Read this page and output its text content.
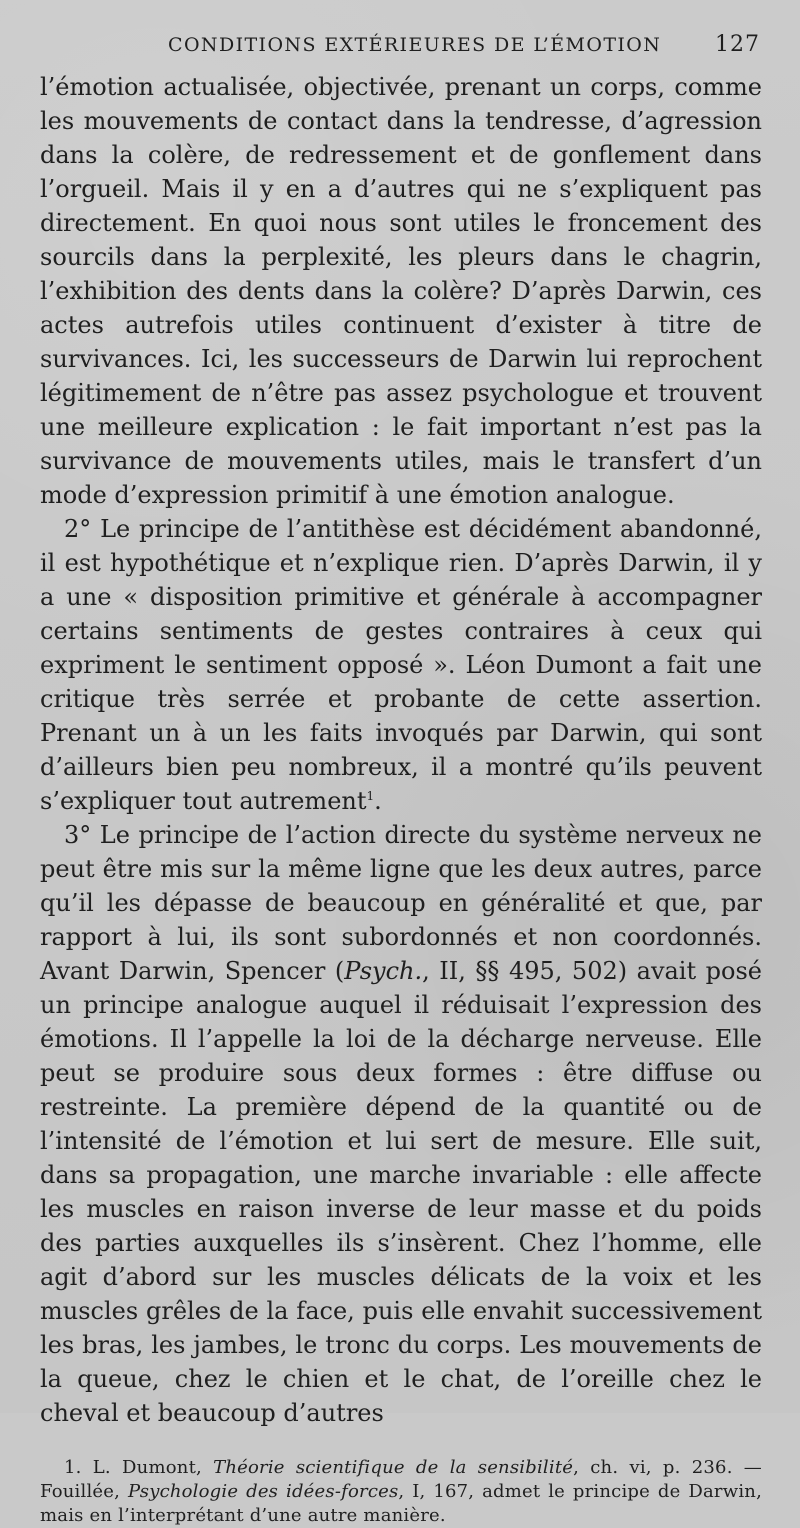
CONDITIONS EXTÉRIEURES DE L’ÉMOTION 127

l’émotion actualisée, objectivée, prenant un corps, comme les mouvements de contact dans la tendresse, d’agression dans la colère, de redressement et de gonflement dans l’orgueil. Mais il y en a d’autres qui ne s’expliquent pas directement. En quoi nous sont utiles le froncement des sourcils dans la perplexité, les pleurs dans le chagrin, l’exhibition des dents dans la colère? D’après Darwin, ces actes autrefois utiles continuent d’exister à titre de survivances. Ici, les successeurs de Darwin lui reprochent légitimement de n’être pas assez psychologue et trouvent une meilleure explication : le fait important n’est pas la survivance de mouvements utiles, mais le transfert d’un mode d’expression primitif à une émotion analogue.

2° Le principe de l’antithèse est décidément abandonné, il est hypothétique et n’explique rien. D’après Darwin, il y a une « disposition primitive et générale à accompagner certains sentiments de gestes contraires à ceux qui expriment le sentiment opposé ». Léon Dumont a fait une critique très serrée et probante de cette assertion. Prenant un à un les faits invoqués par Darwin, qui sont d’ailleurs bien peu nombreux, il a montré qu’ils peuvent s’expliquer tout autrement$^1$.

3° Le principe de l’action directe du système nerveux ne peut être mis sur la même ligne que les deux autres, parce qu’il les dépasse de beaucoup en généralité et que, par rapport à lui, ils sont subordonnés et non coordonnés. Avant Darwin, Spencer (Psych., II, §§ 495, 502) avait posé un principe analogue auquel il réduisait l’expression des émotions. Il l’appelle la loi de la décharge nerveuse. Elle peut se produire sous deux formes : être diffuse ou restreinte. La première dépend de la quantité ou de l’intensité de l’émotion et lui sert de mesure. Elle suit, dans sa propagation, une marche invariable : elle affecte les muscles en raison inverse de leur masse et du poids des parties auxquelles ils s’insèrent. Chez l’homme, elle agit d’abord sur les muscles délicats de la voix et les muscles grêles de la face, puis elle envahit successivement les bras, les jambes, le tronc du corps. Les mouvements de la queue, chez le chien et le chat, de l’oreille chez le cheval et beaucoup d’autres

1. L. Dumont, Théorie scientifique de la sensibilité, ch. vi, p. 236. — Fouillée, Psychologie des idées-forces, I, 167, admet le principe de Darwin, mais en l’interprétant d’une autre manière.
